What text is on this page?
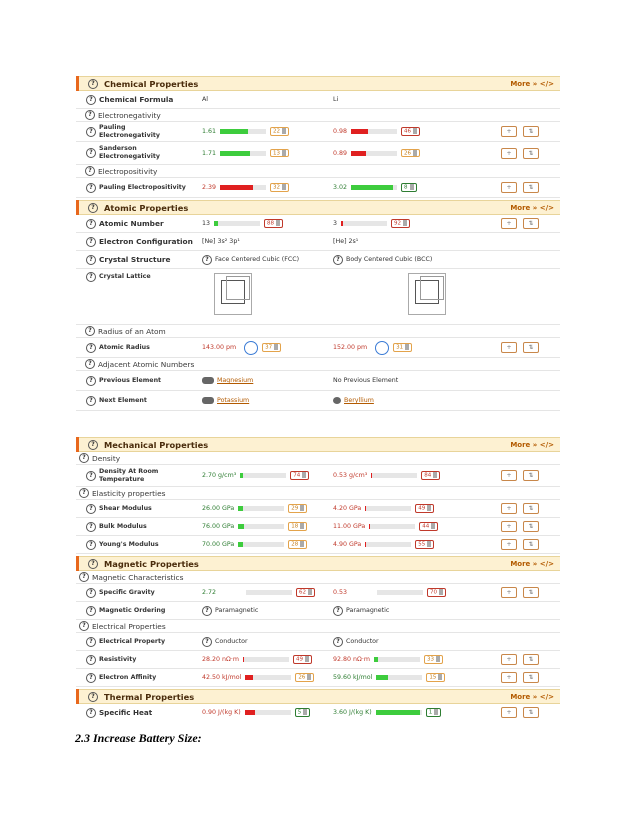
?	Chemical Properties	More » </>
? Chemical Formula	Al	Li
? Electronegativity
?
Pauling Electronegativity	1.61	22	0.98	46	+	⇅
?
Sanderson Electronegativity	1.71	13	0.89	26	+	⇅
? Electropositivity
? Pauling Electropositivity	2.39	32	3.02	8	+	⇅
?	Atomic Properties	More » </>
? Atomic Number	13	88	3	92	+	⇅
? Electron Configuration [Ne] 3s² 3p¹	[He] 2s¹
? Crystal Structure	? Face Centered Cubic (FCC)	? Body Centered Cubic (BCC)
? Crystal Lattice
? Radius of an Atom
? Atomic Radius	143.00 pm	37	152.00 pm	31	+	⇅
? Adjacent Atomic Numbers
? Previous Element	Magnesium	No Previous Element
? Next Element	Potassium	Beryllium
?	Mechanical Properties	More » </>
? Density
?
Density At Room Temperature	2.70 g/cm³	74	0.53 g/cm³	84	+	⇅
? Elasticity properties
? Shear Modulus	26.00 GPa	29	4.20 GPa	49	+	⇅
? Bulk Modulus	76.00 GPa	18	11.00 GPa	44	+	⇅
? Young's Modulus	70.00 GPa	28	4.90 GPa	55	+	⇅
?	Magnetic Properties	More » </>
? Magnetic Characteristics
? Specific Gravity	2.72	62	0.53	70	+	⇅
? Magnetic Ordering	? Paramagnetic	? Paramagnetic
? Electrical Properties
? Electrical Property	? Conductor	? Conductor
? Resistivity	28.20 nΩ·m	49	92.80 nΩ·m	33	+	⇅
? Electron Affinity	42.50 kJ/mol	26	59.60 kJ/mol	15	+	⇅
?	Thermal Properties	More » </>
? Specific Heat	0.90 J/(kg K)	5	3.60 J/(kg K)	1	+	⇅
2.3 Increase Battery Size:
